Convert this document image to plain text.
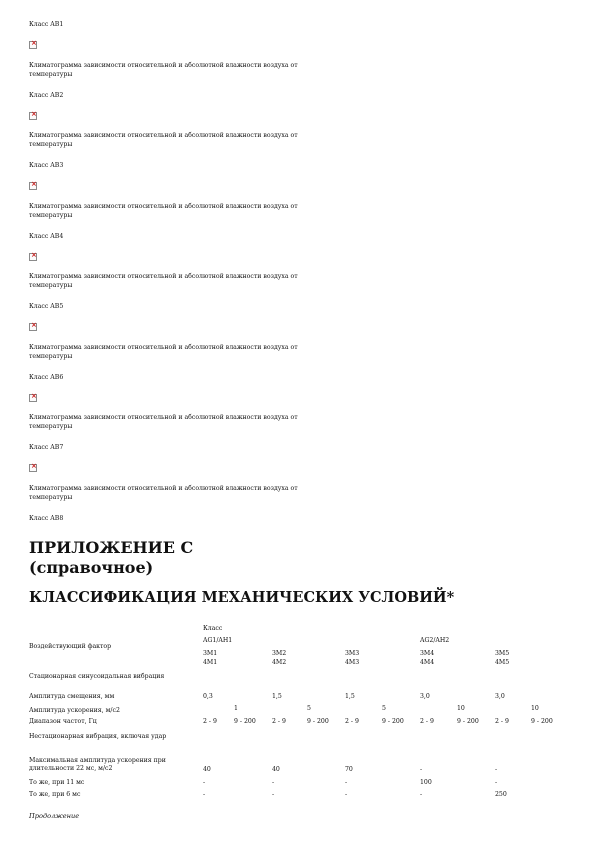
Класс AB1
×
Климатограмма зависимости относительной и абсолютной влажности воздуха от температуры
Класс AB2
×
Климатограмма зависимости относительной и абсолютной влажности воздуха от температуры
Класс AB3
×
Климатограмма зависимости относительной и абсолютной влажности воздуха от температуры
Класс AB4
×
Климатограмма зависимости относительной и абсолютной влажности воздуха от температуры
Класс AB5
×
Климатограмма зависимости относительной и абсолютной влажности воздуха от температуры
Класс AB6
×
Климатограмма зависимости относительной и абсолютной влажности воздуха от температуры
Класс AB7
×
Климатограмма зависимости относительной и абсолютной влажности воздуха от температуры
Класс AB8
ПРИЛОЖЕНИЕ С
(справочное)
КЛАССИФИКАЦИЯ МЕХАНИЧЕСКИХ УСЛОВИЙ*
Класс
Воздействующий фактор
AG1/AH1	AG2/AH2
3M1	3M2	3M3	3M4	3M5
4M1	4M2	4M3	4M4	4M5
Стационарная синусоидальная вибрация
Амплитуда смещения, мм	0,3	1,5	1,5	3,0	3,0
Амплитуда ускорения, м/с2	1	5	5	10	10
Диапазон частот, Гц	2 - 9	9 - 200	2 - 9	9 - 200	2 - 9	9 - 200	2 - 9	9 - 200	2 - 9	9 - 200
Нестационарная вибрация, включая удар
Максимальная амплитуда ускорения при длительности 22 мс, м/с2	40	40	70	-	-
То же, при 11 мс	-	-	-	100	-
То же, при 6 мс	-	-	-	-	250
Продолжение
